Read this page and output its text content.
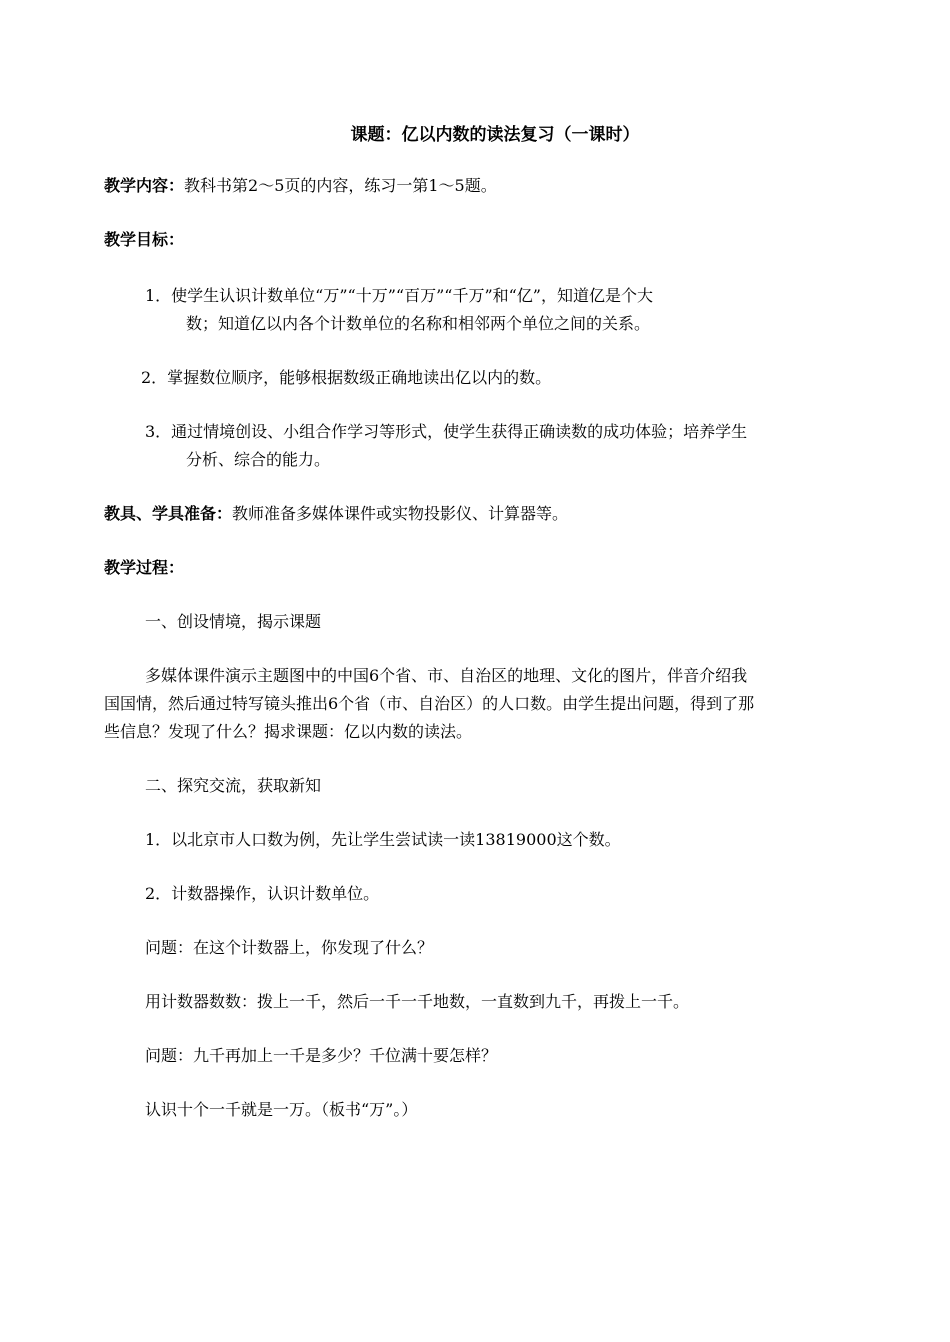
课题：亿以内数的读法复习（一课时）
教学内容：教科书第2～5页的内容，练习一第1～5题。
教学目标：
1．使学生认识计数单位“万”“十万”“百万”“千万”和“亿”，知道亿是个大
数；知道亿以内各个计数单位的名称和相邻两个单位之间的关系。
2．掌握数位顺序，能够根据数级正确地读出亿以内的数。
3．通过情境创设、小组合作学习等形式，使学生获得正确读数的成功体验；培养学生
分析、综合的能力。
教具、学具准备：教师准备多媒体课件或实物投影仪、计算器等。
教学过程：
一、创设情境，揭示课题
多媒体课件演示主题图中的中国6个省、市、自治区的地理、文化的图片，伴音介绍我
国国情，然后通过特写镜头推出6个省（市、自治区）的人口数。由学生提出问题，得到了那
些信息？发现了什么？揭求课题：亿以内数的读法。
二、探究交流，获取新知
1．以北京市人口数为例，先让学生尝试读一读13819000这个数。
2．计数器操作，认识计数单位。
问题：在这个计数器上，你发现了什么？
用计数器数数：拨上一千，然后一千一千地数，一直数到九千，再拨上一千。
问题：九千再加上一千是多少？千位满十要怎样？
认识十个一千就是一万。（板书“万”。）
